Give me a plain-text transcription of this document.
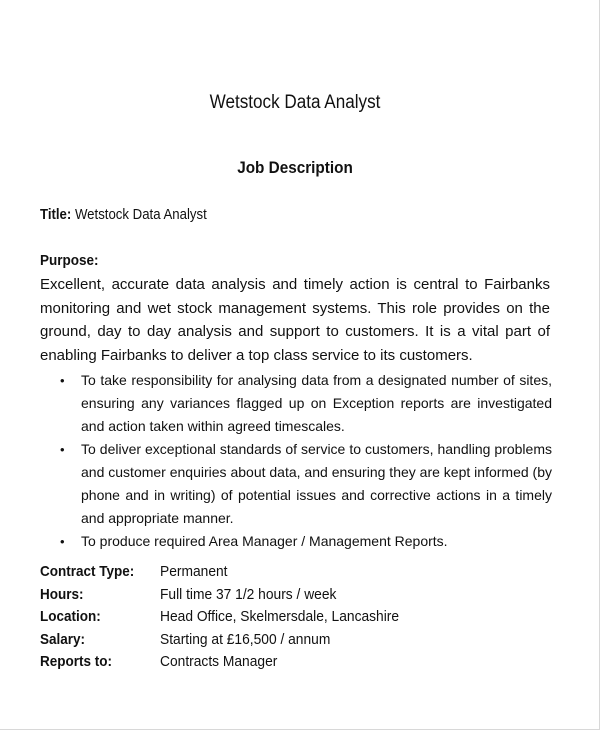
Wetstock Data Analyst
Job Description
Title: Wetstock Data Analyst
Purpose:
Excellent, accurate data analysis and timely action is central to Fairbanks monitoring and wet stock management systems. This role provides on the ground, day to day analysis and support to customers. It is a vital part of enabling Fairbanks to deliver a top class service to its customers.
•	To take responsibility for analysing data from a designated number of sites, ensuring any variances flagged up on Exception reports are investigated and action taken within agreed timescales.
•	To deliver exceptional standards of service to customers, handling problems and customer enquiries about data, and ensuring they are kept informed (by phone and in writing) of potential issues and corrective actions in a timely and appropriate manner.
•	To produce required Area Manager / Management Reports.
Contract Type:	Permanent
Hours:	Full time 37 1/2 hours / week
Location:	Head Office, Skelmersdale, Lancashire
Salary:	Starting at £16,500 / annum
Reports to:	Contracts Manager
